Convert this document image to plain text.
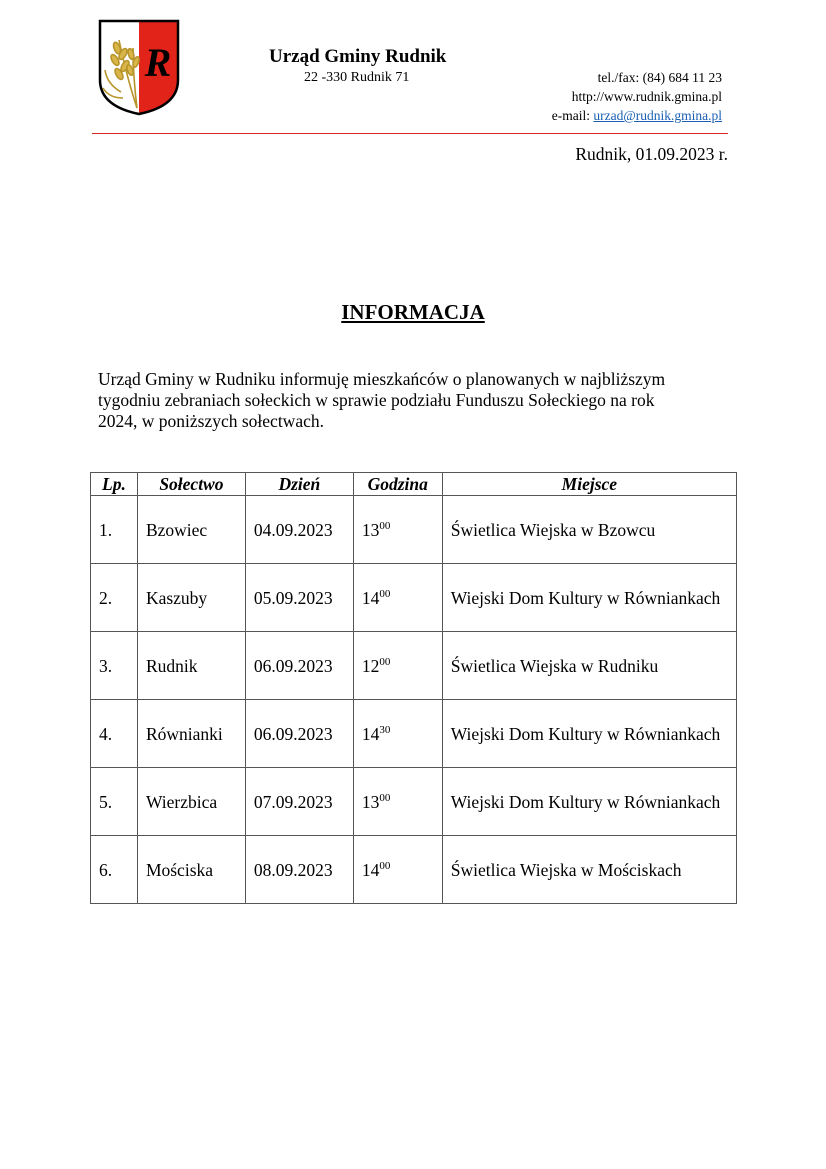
R	Urząd Gminy Rudnik
22 -330 Rudnik 71	tel./fax: (84) 684 11 23
http://www.rudnik.gmina.pl
e-mail: urzad@rudnik.gmina.pl
Rudnik, 01.09.2023 r.
INFORMACJA
Urząd Gminy w Rudniku informuję mieszkańców o planowanych w najbliższym tygodniu zebraniach sołeckich w sprawie podziału Funduszu Sołeckiego na rok 2024, w poniższych sołectwach.
Lp.	Sołectwo	Dzień	Godzina	Miejsce
1.	Bzowiec	04.09.2023	$13^{00}$	Świetlica Wiejska w Bzowcu
2.	Kaszuby	05.09.2023	$14^{00}$	Wiejski Dom Kultury w Równiankach
3.	Rudnik	06.09.2023	$12^{00}$	Świetlica Wiejska w Rudniku
4.	Równianki	06.09.2023	$14^{30}$	Wiejski Dom Kultury w Równiankach
5.	Wierzbica	07.09.2023	$13^{00}$	Wiejski Dom Kultury w Równiankach
6.	Mościska	08.09.2023	$14^{00}$	Świetlica Wiejska w Mościskach
